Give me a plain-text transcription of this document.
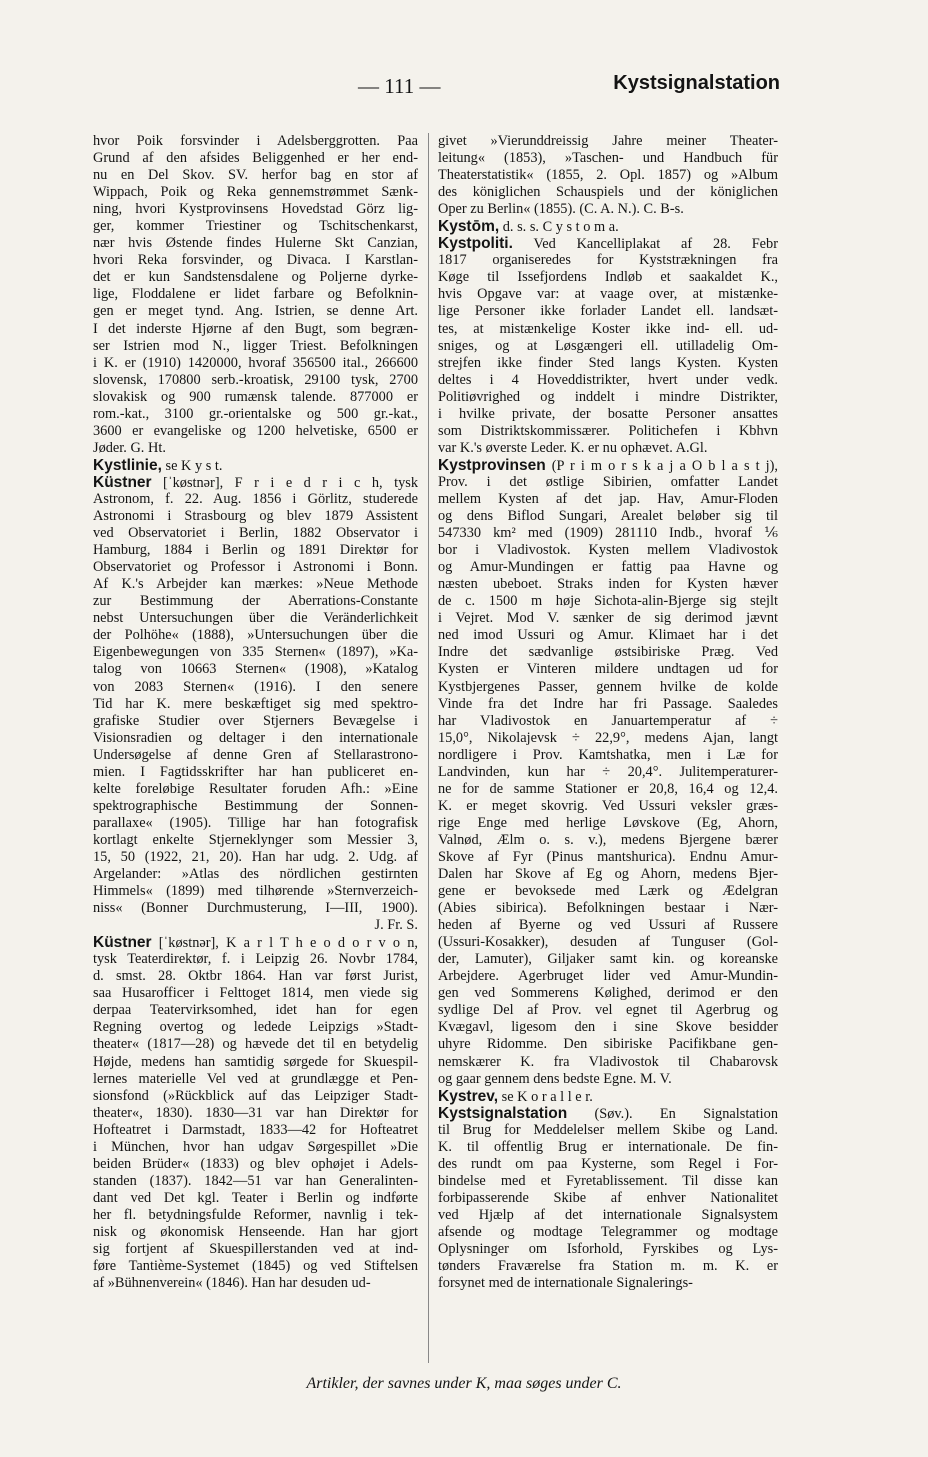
— 111 —	Kystsignalstation
hvor Poik forsvinder i Adelsberggrotten. Paa
Grund af den afsides Beliggenhed er her end-
nu en Del Skov. SV. herfor bag en stor af
Wippach, Poik og Reka gennemstrømmet Sænk-
ning, hvori Kystprovinsens Hovedstad Görz lig-
ger, kommer Triestiner og Tschitschenkarst,
nær hvis Østende findes Hulerne Skt Canzian,
hvori Reka forsvinder, og Divaca. I Karstlan-
det er kun Sandstensdalene og Poljerne dyrke-
lige, Floddalene er lidet farbare og Befolknin-
gen er meget tynd. Ang. Istrien, se denne Art.
I det inderste Hjørne af den Bugt, som begræn-
ser Istrien mod N., ligger Triest. Befolkningen
i K. er (1910) 1420000, hvoraf 356500 ital., 266600
slovensk, 170800 serb.-kroatisk, 29100 tysk, 2700
slovakisk og 900 rumænsk talende. 877000 er
rom.-kat., 3100 gr.-orientalske og 500 gr.-kat.,
3600 er evangeliske og 1200 helvetiske, 6500 er
Jøder. G. Ht.
Kystlinie, se K y s t.
Küstner [ˈkøstnər], F r i e d r i c h, tysk
Astronom, f. 22. Aug. 1856 i Görlitz, studerede
Astronomi i Strasbourg og blev 1879 Assistent
ved Observatoriet i Berlin, 1882 Observator i
Hamburg, 1884 i Berlin og 1891 Direktør for
Observatoriet og Professor i Astronomi i Bonn.
Af K.'s Arbejder kan mærkes: »Neue Methode
zur Bestimmung der Aberrations-Constante
nebst Untersuchungen über die Veränderlichkeit
der Polhöhe« (1888), »Untersuchungen über die
Eigenbewegungen von 335 Sternen« (1897), »Ka-
talog von 10663 Sternen« (1908), »Katalog
von 2083 Sternen« (1916). I den senere
Tid har K. mere beskæftiget sig med spektro-
grafiske Studier over Stjerners Bevægelse i
Visionsradien og deltager i den internationale
Undersøgelse af denne Gren af Stellarastrono-
mien. I Fagtidsskrifter har han publiceret en-
kelte foreløbige Resultater foruden Afh.: »Eine
spektrographische Bestimmung der Sonnen-
parallaxe« (1905). Tillige har han fotografisk
kortlagt enkelte Stjerneklynger som Messier 3,
15, 50 (1922, 21, 20). Han har udg. 2. Udg. af
Argelander: »Atlas des nördlichen gestirnten
Himmels« (1899) med tilhørende »Sternverzeich-
niss« (Bonner Durchmusterung, I—III, 1900).
J. Fr. S.
Küstner [ˈkøstnər], K a r l T h e o d o r v o n,
tysk Teaterdirektør, f. i Leipzig 26. Novbr 1784,
d. smst. 28. Oktbr 1864. Han var først Jurist,
saa Husarofficer i Felttoget 1814, men viede sig
derpaa Teatervirksomhed, idet han for egen
Regning overtog og ledede Leipzigs »Stadt-
theater« (1817—28) og hævede det til en betydelig
Højde, medens han samtidig sørgede for Skuespil-
lernes materielle Vel ved at grundlægge et Pen-
sionsfond (»Rückblick auf das Leipziger Stadt-
theater«, 1830). 1830—31 var han Direktør for
Hofteatret i Darmstadt, 1833—42 for Hofteatret
i München, hvor han udgav Sørgespillet »Die
beiden Brüder« (1833) og blev ophøjet i Adels-
standen (1837). 1842—51 var han Generalinten-
dant ved Det kgl. Teater i Berlin og indførte
her fl. betydningsfulde Reformer, navnlig i tek-
nisk og økonomisk Henseende. Han har gjort
sig fortjent af Skuespillerstanden ved at ind-
føre Tantième-Systemet (1845) og ved Stiftelsen
af »Bühnenverein« (1846). Han har desuden ud-
givet »Vierunddreissig Jahre meiner Theater-
leitung« (1853), »Taschen- und Handbuch für
Theaterstatistik« (1855, 2. Opl. 1857) og »Album
des königlichen Schauspiels und der königlichen
Oper zu Berlin« (1855). (C. A. N.). C. B-s.
Kystōm, d. s. s. C y s t o m a.
Kystpoliti. Ved Kancelliplakat af 28. Febr
1817 organiseredes for Kyststrækningen fra
Køge til Issefjordens Indløb et saakaldet K.,
hvis Opgave var: at vaage over, at mistænke-
lige Personer ikke forlader Landet ell. landsæt-
tes, at mistænkelige Koster ikke ind- ell. ud-
sniges, og at Løsgængeri ell. utilladelig Om-
strejfen ikke finder Sted langs Kysten. Kysten
deltes i 4 Hoveddistrikter, hvert under vedk.
Politiøvrighed og inddelt i mindre Distrikter,
i hvilke private, der bosatte Personer ansattes
som Distriktskommissærer. Politichefen i Kbhvn
var K.'s øverste Leder. K. er nu ophævet. A.Gl.
Kystprovinsen (P r i m o r s k a j a O b l a s t j),
Prov. i det østlige Sibirien, omfatter Landet
mellem Kysten af det jap. Hav, Amur-Floden
og dens Biflod Sungari, Arealet beløber sig til
547330 km² med (1909) 281110 Indb., hvoraf ⅙
bor i Vladivostok. Kysten mellem Vladivostok
og Amur-Mundingen er fattig paa Havne og
næsten ubeboet. Straks inden for Kysten hæver
de c. 1500 m høje Sichota-alin-Bjerge sig stejlt
i Vejret. Mod V. sænker de sig derimod jævnt
ned imod Ussuri og Amur. Klimaet har i det
Indre det sædvanlige østsibiriske Præg. Ved
Kysten er Vinteren mildere undtagen ud for
Kystbjergenes Passer, gennem hvilke de kolde
Vinde fra det Indre har fri Passage. Saaledes
har Vladivostok en Januartemperatur af ÷
15,0°, Nikolajevsk ÷ 22,9°, medens Ajan, langt
nordligere i Prov. Kamtshatka, men i Læ for
Landvinden, kun har ÷ 20,4°. Julitemperaturer-
ne for de samme Stationer er 20,8, 16,4 og 12,4.
K. er meget skovrig. Ved Ussuri veksler græs-
rige Enge med herlige Løvskove (Eg, Ahorn,
Valnød, Ælm o. s. v.), medens Bjergene bærer
Skove af Fyr (Pinus mantshurica). Endnu Amur-
Dalen har Skove af Eg og Ahorn, medens Bjer-
gene er bevoksede med Lærk og Ædelgran
(Abies sibirica). Befolkningen bestaar i Nær-
heden af Byerne og ved Ussuri af Russere
(Ussuri-Kosakker), desuden af Tunguser (Gol-
der, Lamuter), Giljaker samt kin. og koreanske
Arbejdere. Agerbruget lider ved Amur-Mundin-
gen ved Sommerens Kølighed, derimod er den
sydlige Del af Prov. vel egnet til Agerbrug og
Kvægavl, ligesom den i sine Skove besidder
uhyre Ridomme. Den sibiriske Pacifikbane gen-
nemskærer K. fra Vladivostok til Chabarovsk
og gaar gennem dens bedste Egne. M. V.
Kystrev, se K o r a l l e r.
Kystsignalstation (Søv.). En Signalstation
til Brug for Meddelelser mellem Skibe og Land.
K. til offentlig Brug er internationale. De fin-
des rundt om paa Kysterne, som Regel i For-
bindelse med et Fyretablissement. Til disse kan
forbipasserende Skibe af enhver Nationalitet
ved Hjælp af det internationale Signalsystem
afsende og modtage Telegrammer og modtage
Oplysninger om Isforhold, Fyrskibes og Lys-
tønders Fraværelse fra Station m. m. K. er
forsynet med de internationale Signalerings-
Artikler, der savnes under K, maa søges under C.
